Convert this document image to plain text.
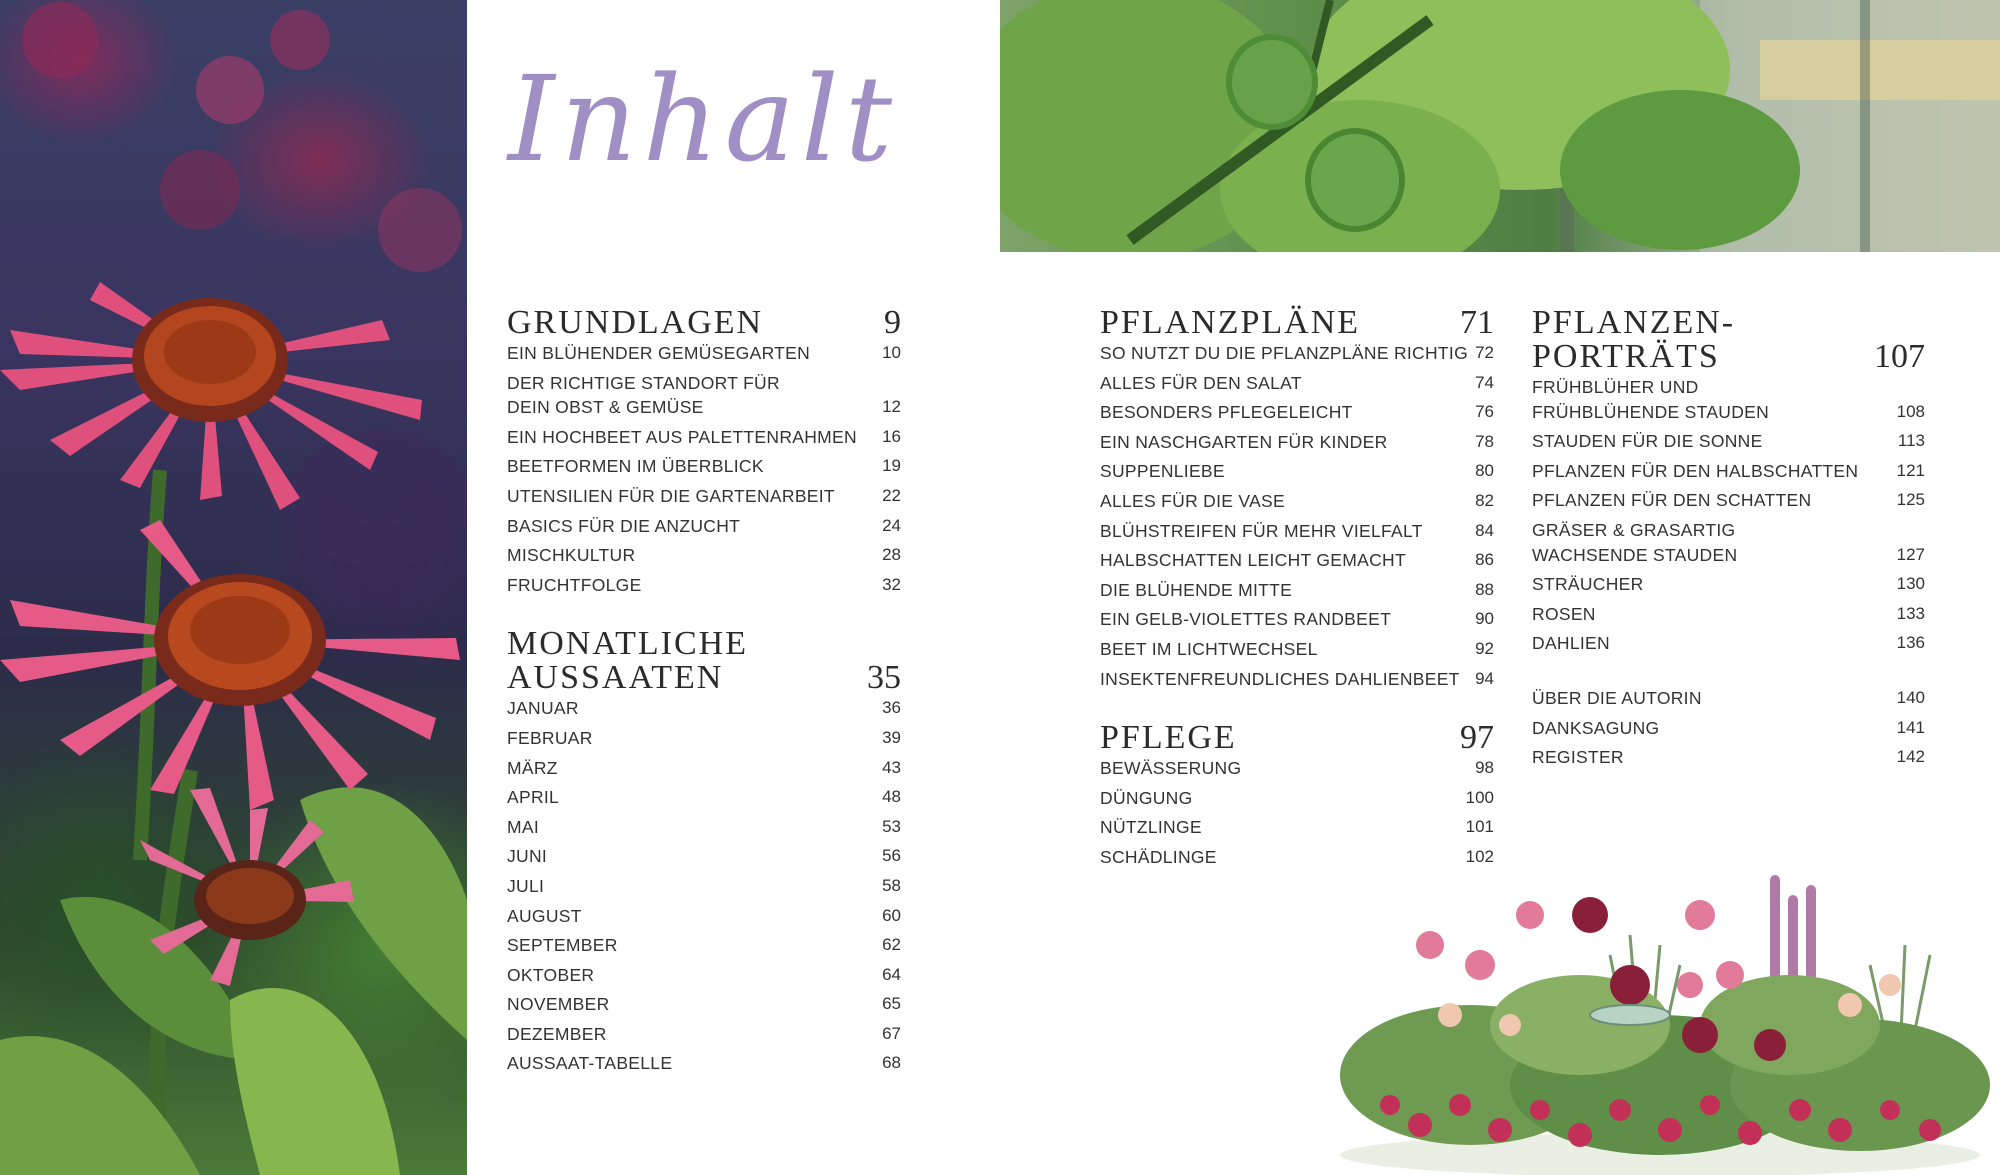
Inhalt
GRUNDLAGEN	9
EIN BLÜHENDER GEMÜSEGARTEN	10
DER RICHTIGE STANDORT FÜR
DEIN OBST & GEMÜSE	12
EIN HOCHBEET AUS PALETTENRAHMEN 16
BEETFORMEN IM ÜBERBLICK	19
UTENSILIEN FÜR DIE GARTENARBEIT	22
BASICS FÜR DIE ANZUCHT	24
MISCHKULTUR	28
FRUCHTFOLGE	32
MONATLICHE
AUSSAATEN	35
JANUAR	36
FEBRUAR	39
MÄRZ	43
APRIL	48
MAI	53
JUNI	56
JULI	58
AUGUST	60
SEPTEMBER	62
OKTOBER	64
NOVEMBER	65
DEZEMBER	67
AUSSAAT-TABELLE	68
PFLANZPLÄNE	71
SO NUTZT DU DIE PFLANZPLÄNE RICHTIG 72
ALLES FÜR DEN SALAT	74
BESONDERS PFLEGELEICHT	76
EIN NASCHGARTEN FÜR KINDER	78
SUPPENLIEBE	80
ALLES FÜR DIE VASE	82
BLÜHSTREIFEN FÜR MEHR VIELFALT	84
HALBSCHATTEN LEICHT GEMACHT	86
DIE BLÜHENDE MITTE	88
EIN GELB-VIOLETTES RANDBEET	90
BEET IM LICHTWECHSEL	92
INSEKTENFREUNDLICHES DAHLIENBEET 94
PFLEGE	97
BEWÄSSERUNG	98
DÜNGUNG	100
NÜTZLINGE	101
SCHÄDLINGE	102
PFLANZEN-
PORTRÄTS	107
FRÜHBLÜHER UND
FRÜHBLÜHENDE STAUDEN	108
STAUDEN FÜR DIE SONNE	113
PFLANZEN FÜR DEN HALBSCHATTEN 121
PFLANZEN FÜR DEN SCHATTEN	125
GRÄSER & GRASARTIG
WACHSENDE STAUDEN	127
STRÄUCHER	130
ROSEN	133
DAHLIEN	136
ÜBER DIE AUTORIN	140
DANKSAGUNG	141
REGISTER	142
